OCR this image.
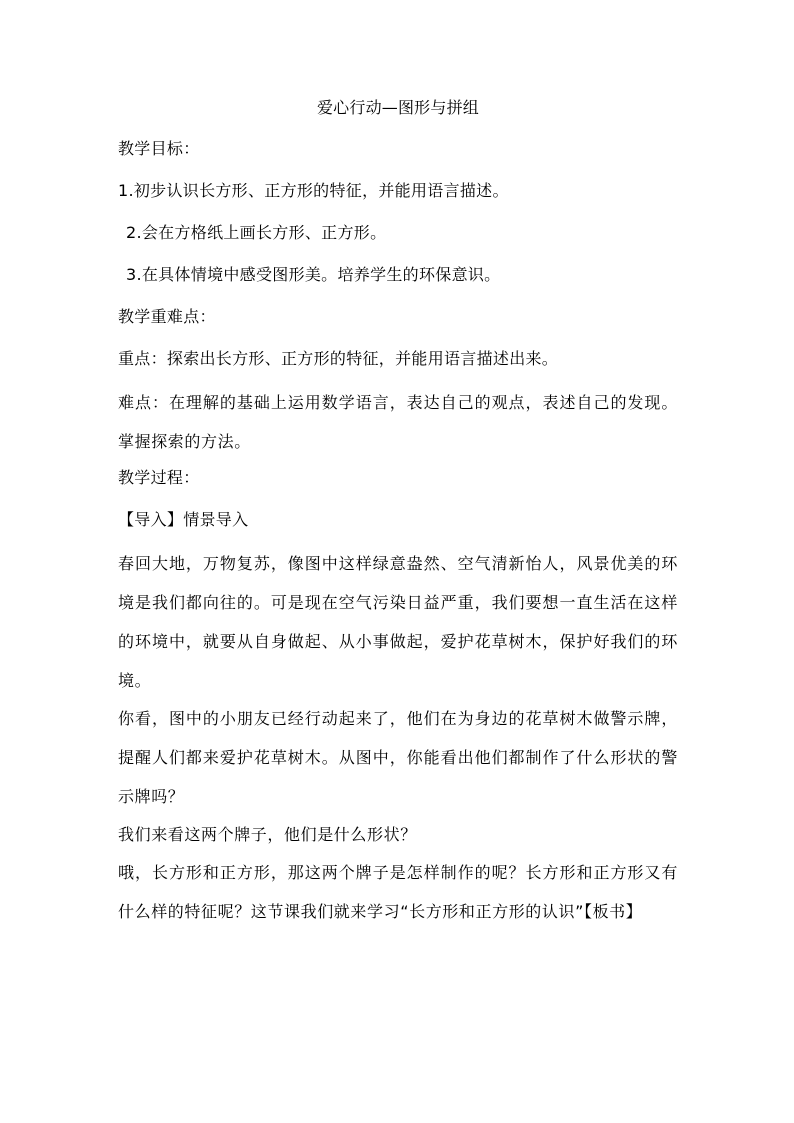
爱心行动—图形与拼组
教学目标：
1.初步认识长方形、正方形的特征，并能用语言描述。
2.会在方格纸上画长方形、正方形。
3.在具体情境中感受图形美。培养学生的环保意识。
教学重难点：
重点：探索出长方形、正方形的特征，并能用语言描述出来。
难点：在理解的基础上运用数学语言，表达自己的观点，表述自己的发现。掌握探索的方法。
教学过程：
【导入】情景导入
春回大地，万物复苏，像图中这样绿意盎然、空气清新怡人，风景优美的环境是我们都向往的。可是现在空气污染日益严重，我们要想一直生活在这样的环境中，就要从自身做起、从小事做起，爱护花草树木，保护好我们的环境。
你看，图中的小朋友已经行动起来了，他们在为身边的花草树木做警示牌，提醒人们都来爱护花草树木。从图中，你能看出他们都制作了什么形状的警示牌吗？
我们来看这两个牌子，他们是什么形状？
哦，长方形和正方形，那这两个牌子是怎样制作的呢？长方形和正方形又有什么样的特征呢？这节课我们就来学习“长方形和正方形的认识”【板书】
